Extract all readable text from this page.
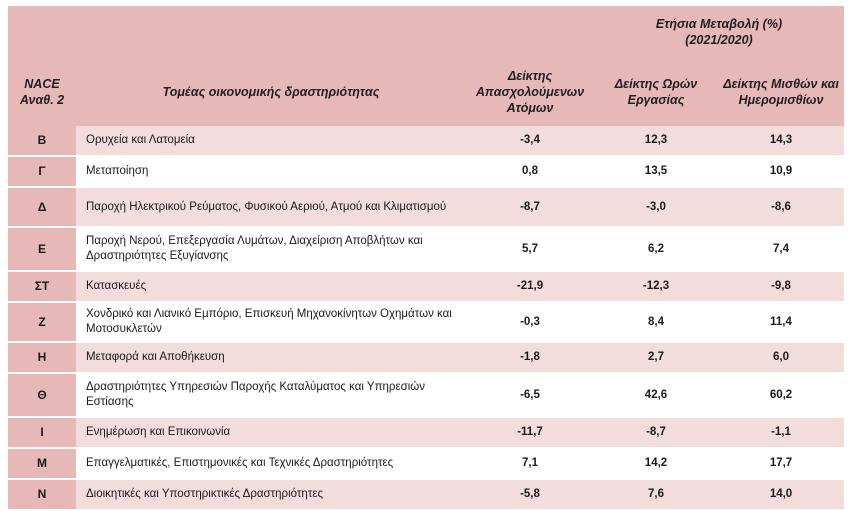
			Ετήσια Μεταβολή (%)
(2021/2020)	

NACE Αναθ. 2	Τομέας οικονομικής δραστηριότητας	Δείκτης Απασχολούμενων Ατόμων	Δείκτης Ωρών Εργασίας	Δείκτης Μισθών και Ημερομισθίων
Β	Ορυχεία και Λατομεία	-3,4	12,3	14,3
Γ	Μεταποίηση	0,8	13,5	10,9
Δ	Παροχή Ηλεκτρικού Ρεύματος, Φυσικού Αεριού, Ατμού και Κλιματισμού	-8,7	-3,0	-8,6
Ε	Παροχή Νερού, Επεξεργασία Λυμάτων, Διαχείριση Αποβλήτων και Δραστηριότητες Εξυγίανσης	5,7	6,2	7,4
ΣΤ	Κατασκευές	-21,9	-12,3	-9,8
Ζ	Χονδρικό και Λιανικό Εμπόριο, Επισκευή Μηχανοκίνητων Οχημάτων και Μοτοσυκλετών	-0,3	8,4	11,4
Η	Μεταφορά και Αποθήκευση	-1,8	2,7	6,0
Θ	Δραστηριότητες Υπηρεσιών Παροχής Καταλύματος και Υπηρεσιών Εστίασης	-6,5	42,6	60,2
Ι	Ενημέρωση και Επικοινωνία	-11,7	-8,7	-1,1
Μ	Επαγγελματικές, Επιστημονικές και Τεχνικές Δραστηριότητες	7,1	14,2	17,7
Ν	Διοικητικές και Υποστηρικτικές Δραστηριότητες	-5,8	7,6	14,0
